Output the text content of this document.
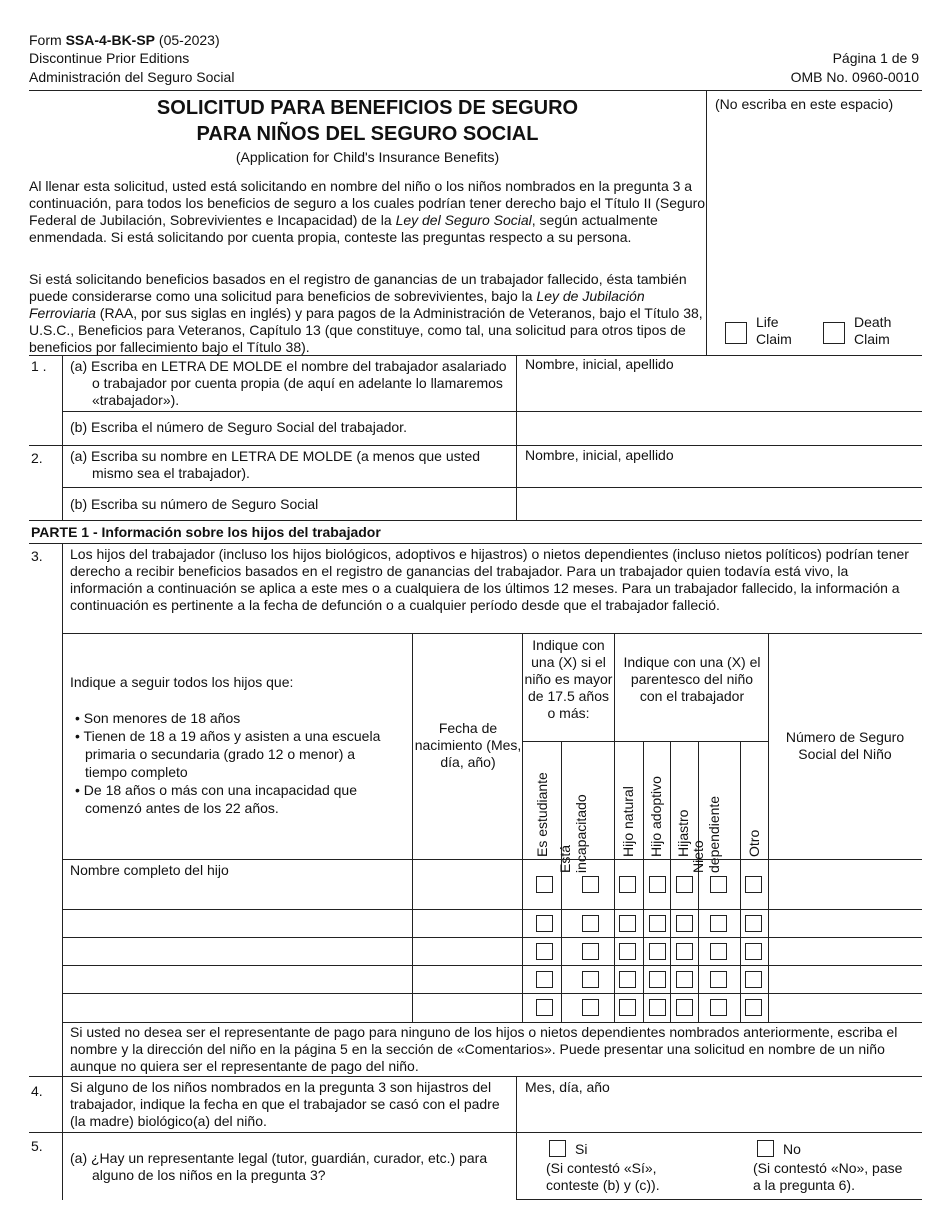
Form SSA-4-BK-SP (05-2023)
Discontinue Prior Editions
Administración del Seguro Social
Página 1 de 9
OMB No. 0960-0010
SOLICITUD PARA BENEFICIOS DE SEGURO
PARA NIÑOS DEL SEGURO SOCIAL
(Application for Child's Insurance Benefits)
Al llenar esta solicitud, usted está solicitando en nombre del niño o los niños nombrados en la pregunta 3 a continuación, para todos los beneficios de seguro a los cuales podrían tener derecho bajo el Título II (Seguro Federal de Jubilación, Sobrevivientes e Incapacidad) de la Ley del Seguro Social, según actualmente enmendada. Si está solicitando por cuenta propia, conteste las preguntas respecto a su persona.
Si está solicitando beneficios basados en el registro de ganancias de un trabajador fallecido, ésta también puede considerarse como una solicitud para beneficios de sobrevivientes, bajo la Ley de Jubilación Ferroviaria (RAA, por sus siglas en inglés) y para pagos de la Administración de Veteranos, bajo el Título 38, U.S.C., Beneficios para Veteranos, Capítulo 13 (que constituye, como tal, una solicitud para otros tipos de beneficios por fallecimiento bajo el Título 38).
(No escriba en este espacio)
Life Claim
Death Claim
1 . (a) Escriba en LETRA DE MOLDE el nombre del trabajador asalariado o trabajador por cuenta propia (de aquí en adelante lo llamaremos «trabajador»).
Nombre, inicial, apellido
(b) Escriba el número de Seguro Social del trabajador.
2. (a) Escriba su nombre en LETRA DE MOLDE (a menos que usted mismo sea el trabajador).
Nombre, inicial, apellido
(b) Escriba su número de Seguro Social
PARTE 1 - Información sobre los hijos del trabajador
3. Los hijos del trabajador (incluso los hijos biológicos, adoptivos e hijastros) o nietos dependientes (incluso nietos políticos) podrían tener derecho a recibir beneficios basados en el registro de ganancias del trabajador. Para un trabajador quien todavía está vivo, la información a continuación se aplica a este mes o a cualquiera de los últimos 12 meses. Para un trabajador fallecido, la información a continuación es pertinente a la fecha de defunción o a cualquier período desde que el trabajador falleció.
Indique a seguir todos los hijos que:
• Son menores de 18 años
• Tienen de 18 a 19 años y asisten a una escuela primaria o secundaria (grado 12 o menor) a tiempo completo
• De 18 años o más con una incapacidad que comenzó antes de los 22 años.
Fecha de nacimiento (Mes, día, año)
Indique con una (X) si el niño es mayor de 17.5 años o más:
Indique con una (X) el parentesco del niño con el trabajador
Número de Seguro Social del Niño
Es estudiante
Está incapacitado Hijo natural Hijo adoptivo Hijastro Nieto dependiente Otro
Nombre completo del hijo
Si usted no desea ser el representante de pago para ninguno de los hijos o nietos dependientes nombrados anteriormente, escriba el nombre y la dirección del niño en la página 5 en la sección de «Comentarios». Puede presentar una solicitud en nombre de un niño aunque no quiera ser el representante de pago del niño.
4. Si alguno de los niños nombrados en la pregunta 3 son hijastros del trabajador, indique la fecha en que el trabajador se casó con el padre (la madre) biológico(a) del niño.
Mes, día, año
5.
(a) ¿Hay un representante legal (tutor, guardián, curador, etc.) para alguno de los niños en la pregunta 3?
Si
(Si contestó «Sí», conteste (b) y (c)).
No
(Si contestó «No», pase a la pregunta 6).
